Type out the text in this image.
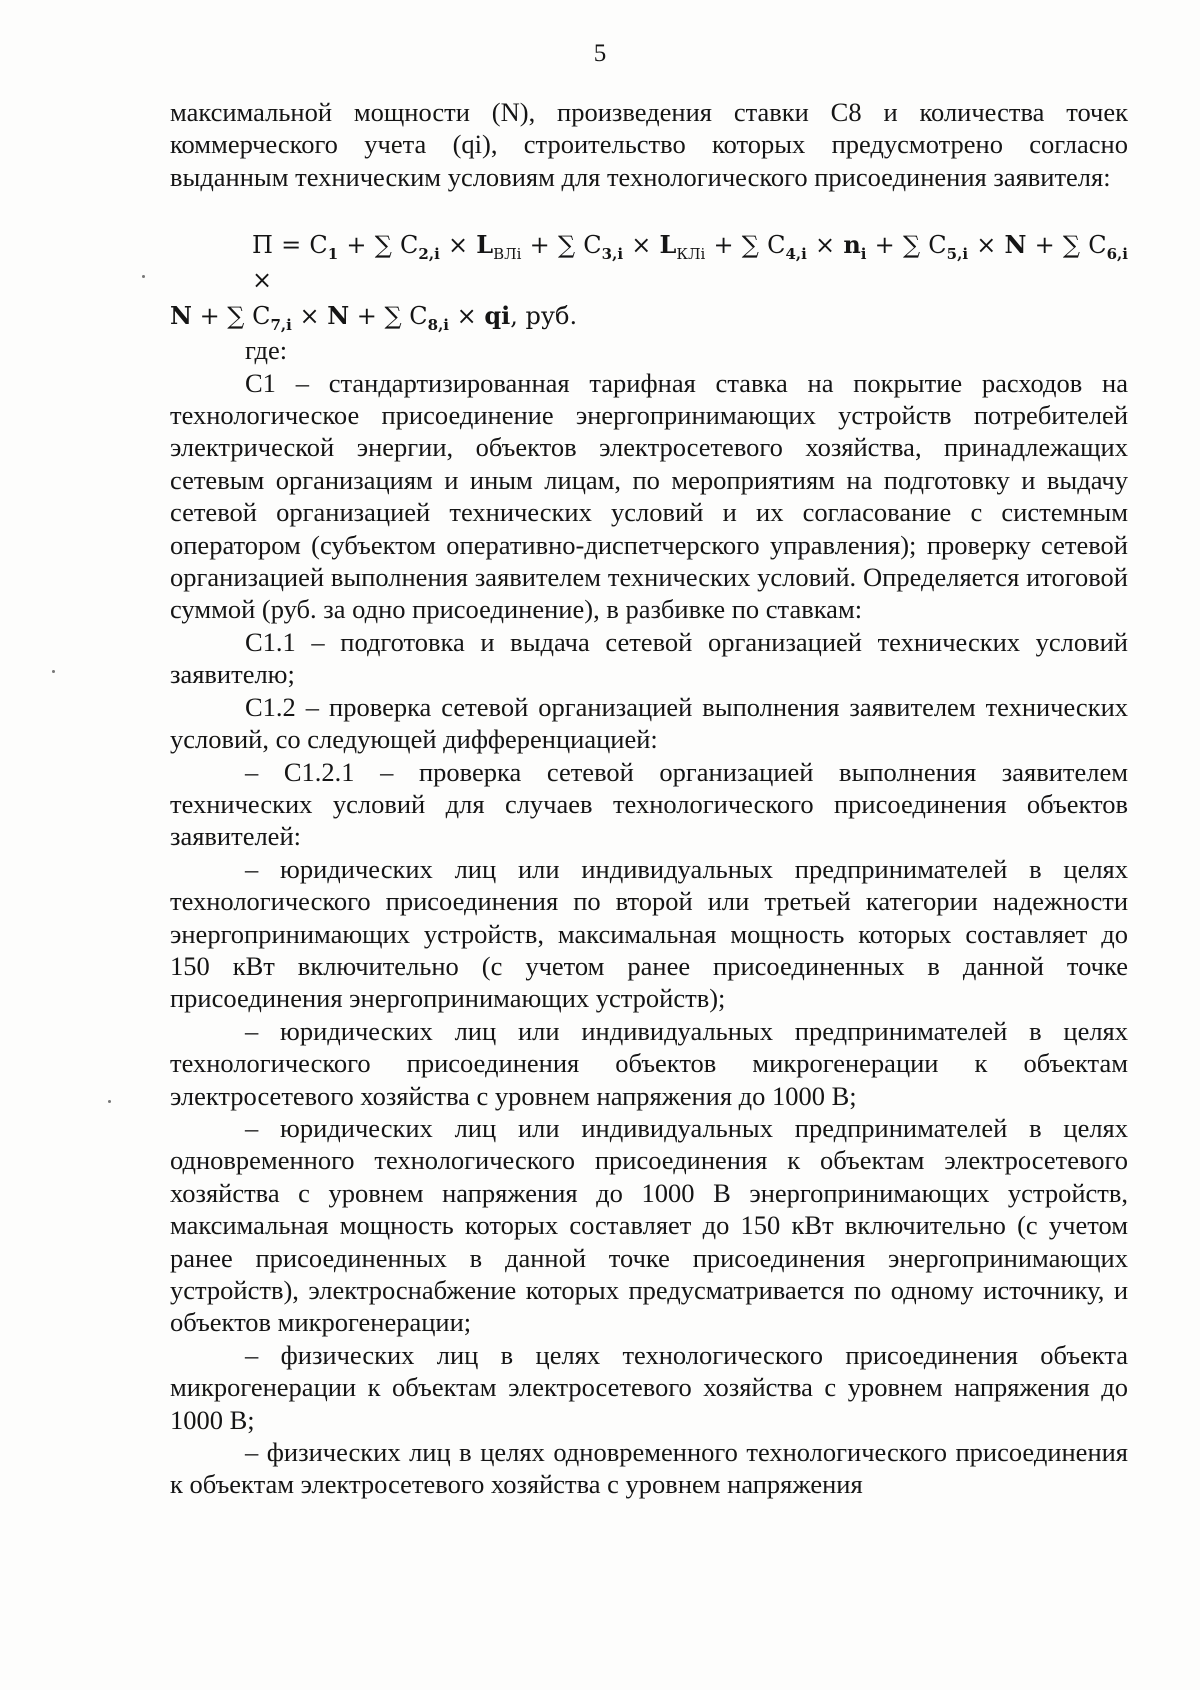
5

максимальной мощности (N), произведения ставки С8 и количества точек коммерческого учета (qi), строительство которых предусмотрено согласно выданным техническим условиям для технологического присоединения заявителя:

$П = С_1$ + ∑ $С_{2,i} \times L_{ВЛi}$ + ∑ $С_{3,i} \times L_{КЛi}$ + ∑ $С_{4,i} \times n_i$ + ∑ $С_{5,i} \times N$ + ∑ $С_{6,i}$ ×
N + ∑ $С_{7,i} \times N$ + ∑ $С_{8,i}$ × qi, руб.

где:

С1 – стандартизированная тарифная ставка на покрытие расходов на технологическое присоединение энергопринимающих устройств потребителей электрической энергии, объектов электросетевого хозяйства, принадлежащих сетевым организациям и иным лицам, по мероприятиям на подготовку и выдачу сетевой организацией технических условий и их согласование с системным оператором (субъектом оперативно-диспетчерского управления); проверку сетевой организацией выполнения заявителем технических условий. Определяется итоговой суммой (руб. за одно присоединение), в разбивке по ставкам:

С1.1 – подготовка и выдача сетевой организацией технических условий заявителю;

С1.2 – проверка сетевой организацией выполнения заявителем технических условий, со следующей дифференциацией:

– С1.2.1 – проверка сетевой организацией выполнения заявителем технических условий для случаев технологического присоединения объектов заявителей:

– юридических лиц или индивидуальных предпринимателей в целях технологического присоединения по второй или третьей категории надежности энергопринимающих устройств, максимальная мощность которых составляет до 150 кВт включительно (с учетом ранее присоединенных в данной точке присоединения энергопринимающих устройств);

– юридических лиц или индивидуальных предпринимателей в целях технологического присоединения объектов микрогенерации к объектам электросетевого хозяйства с уровнем напряжения до 1000 В;

– юридических лиц или индивидуальных предпринимателей в целях одновременного технологического присоединения к объектам электросетевого хозяйства с уровнем напряжения до 1000 В энергопринимающих устройств, максимальная мощность которых составляет до 150 кВт включительно (с учетом ранее присоединенных в данной точке присоединения энергопринимающих устройств), электроснабжение которых предусматривается по одному источнику, и объектов микрогенерации;

– физических лиц в целях технологического присоединения объекта микрогенерации к объектам электросетевого хозяйства с уровнем напряжения до 1000 В;

– физических лиц в целях одновременного технологического присоединения к объектам электросетевого хозяйства с уровнем напряжения
